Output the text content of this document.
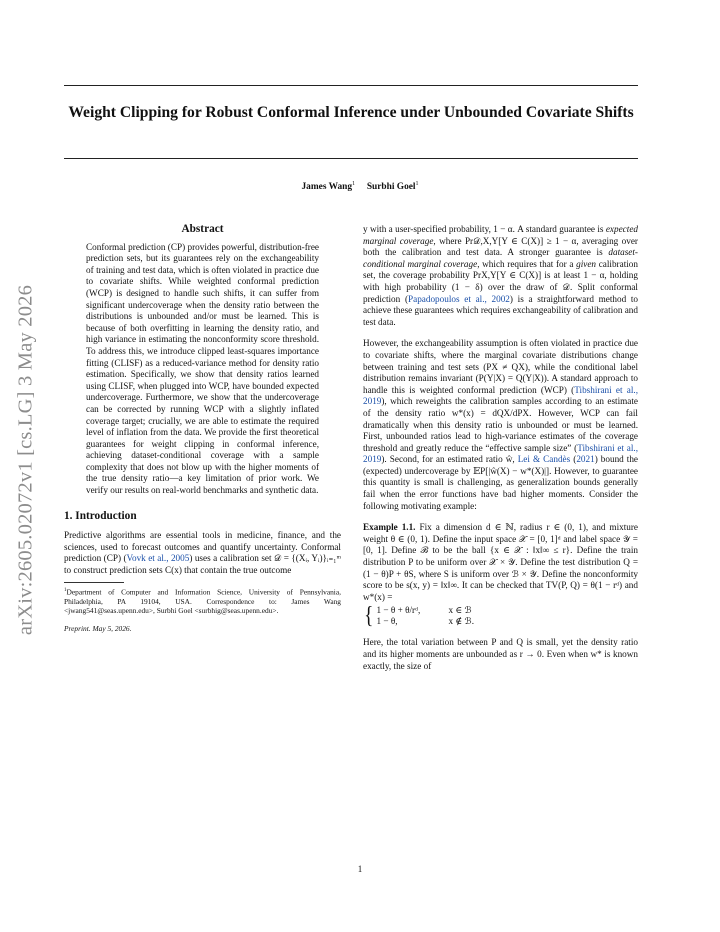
Weight Clipping for Robust Conformal Inference under Unbounded Covariate Shifts
James Wang$^1$ Surbhi Goel$^1$
arXiv:2605.02072v1 [cs.LG] 3 May 2026
Abstract

Conformal prediction (CP) provides powerful, distribution-free prediction sets, but its guarantees rely on the exchangeability of training and test data, which is often violated in practice due to covariate shifts. While weighted conformal prediction (WCP) is designed to handle such shifts, it can suffer from significant undercoverage when the density ratio between the distributions is unbounded and/or must be learned. This is because of both overfitting in learning the density ratio, and high variance in estimating the nonconformity score threshold. To address this, we introduce clipped least-squares importance fitting (CLISF) as a reduced-variance method for density ratio estimation. Specifically, we show that density ratios learned using CLISF, when plugged into WCP, have bounded expected undercoverage. Furthermore, we show that the undercoverage can be corrected by running WCP with a slightly inflated coverage target; crucially, we are able to estimate the required level of inflation from the data. We provide the first theoretical guarantees for weight clipping in conformal inference, achieving dataset-conditional coverage with a sample complexity that does not blow up with the higher moments of the true density ratio—a key limitation of prior work. We verify our results on real-world benchmarks and synthetic data.

1. Introduction

Predictive algorithms are essential tools in medicine, finance, and the sciences, used to forecast outcomes and quantify uncertainty. Conformal prediction (CP) (Vovk et al., 2005) uses a calibration set 𝒟 = {(Xᵢ, Yᵢ)}ᵢ₌₁ᵐ to construct prediction sets C(x) that contain the true outcome

$^1$Department of Computer and Information Science, University of Pennsylvania, Philadelphia, PA 19104, USA. Correspondence to: James Wang <jwang541@seas.upenn.edu>, Surbhi Goel <surbhig@seas.upenn.edu>.

Preprint. May 5, 2026.

y with a user-specified probability, 1 − α. A standard guarantee is expected marginal coverage, where Pr𝒟,X,Y[Y ∈ C(X)] ≥ 1 − α, averaging over both the calibration and test data. A stronger guarantee is dataset-conditional marginal coverage, which requires that for a given calibration set, the coverage probability PrX,Y[Y ∈ C(X)] is at least 1 − α, holding with high probability (1 − δ) over the draw of 𝒟. Split conformal prediction (Papadopoulos et al., 2002) is a straightforward method to achieve these guarantees which requires exchangeability of calibration and test data.

However, the exchangeability assumption is often violated in practice due to covariate shifts, where the marginal covariate distributions change between training and test sets (PX ≠ QX), while the conditional label distribution remains invariant (P(Y|X) = Q(Y|X)). A standard approach to handle this is weighted conformal prediction (WCP) (Tibshirani et al., 2019), which reweights the calibration samples according to an estimate of the density ratio w*(x) = dQX/dPX. However, WCP can fail dramatically when this density ratio is unbounded or must be learned. First, unbounded ratios lead to high-variance estimates of the coverage threshold and greatly reduce the “effective sample size” (Tibshirani et al., 2019). Second, for an estimated ratio ŵ, Lei & Candès (2021) bound the (expected) undercoverage by 𝔼P[|ŵ(X) − w*(X)|]. However, to guarantee this quantity is small is challenging, as generalization bounds generally fail when the error functions have bad higher moments. Consider the following motivating example:

Example 1.1. Fix a dimension d ∈ ℕ, radius r ∈ (0, 1), and mixture weight θ ∈ (0, 1). Define the input space 𝒳 = [0, 1]ᵈ and label space 𝒴 = [0, 1]. Define ℬ to be the ball {x ∈ 𝒳 : ‖x‖∞ ≤ r}. Define the train distribution P to be uniform over 𝒳 × 𝒴. Define the test distribution Q = (1 − θ)P + θS, where S is uniform over ℬ × 𝒴. Define the nonconformity score to be s(x, y) = ‖x‖∞. It can be checked that TV(P, Q) = θ(1 − rᵈ) and w*(x) =

{ 1 − θ + θ/rᵈ,	x ∈ ℬ
1 − θ,	x ∉ ℬ.

Here, the total variation between P and Q is small, yet the density ratio and its higher moments are unbounded as r → 0. Even when w* is known exactly, the size of

1
